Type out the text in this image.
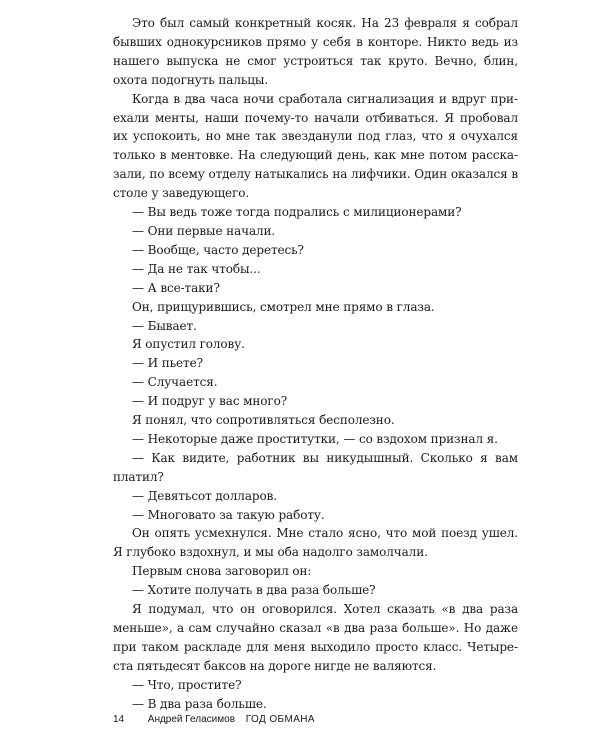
Это был самый конкретный косяк. На 23 февраля я собрал бывших однокурсников прямо у себя в конторе. Никто ведь из нашего выпуска не смог устроиться так круто. Вечно, блин, охота подогнуть пальцы.

Когда в два часа ночи сработала сигнализация и вдруг приехали менты, наши почему-то начали отбиваться. Я пробовал их успокоить, но мне так звезданули под глаз, что я очухался только в ментовке. На следующий день, как мне потом рассказали, по всему отделу натыкались на лифчики. Один оказался в столе у заведующего.

— Вы ведь тоже тогда подрались с милиционерами?

— Они первые начали.

— Вообще, часто деретесь?

— Да не так чтобы...

— А все-таки?

Он, прищурившись, смотрел мне прямо в глаза.

— Бывает.

Я опустил голову.

— И пьете?

— Случается.

— И подруг у вас много?

Я понял, что сопротивляться бесполезно.

— Некоторые даже проститутки, — со вздохом признал я.

— Как видите, работник вы никудышный. Сколько я вам платил?

— Девятьсот долларов.

— Многовато за такую работу.

Он опять усмехнулся. Мне стало ясно, что мой поезд ушел. Я глубоко вздохнул, и мы оба надолго замолчали.

Первым снова заговорил он:

— Хотите получать в два раза больше?

Я подумал, что он оговорился. Хотел сказать «в два раза меньше», а сам случайно сказал «в два раза больше». Но даже при таком раскладе для меня выходило просто класс. Четыреста пятьдесят баксов на дороге нигде не валяются.

— Что, простите?

— В два раза больше.

14 Андрей Геласимов ГОД ОБМАНА
